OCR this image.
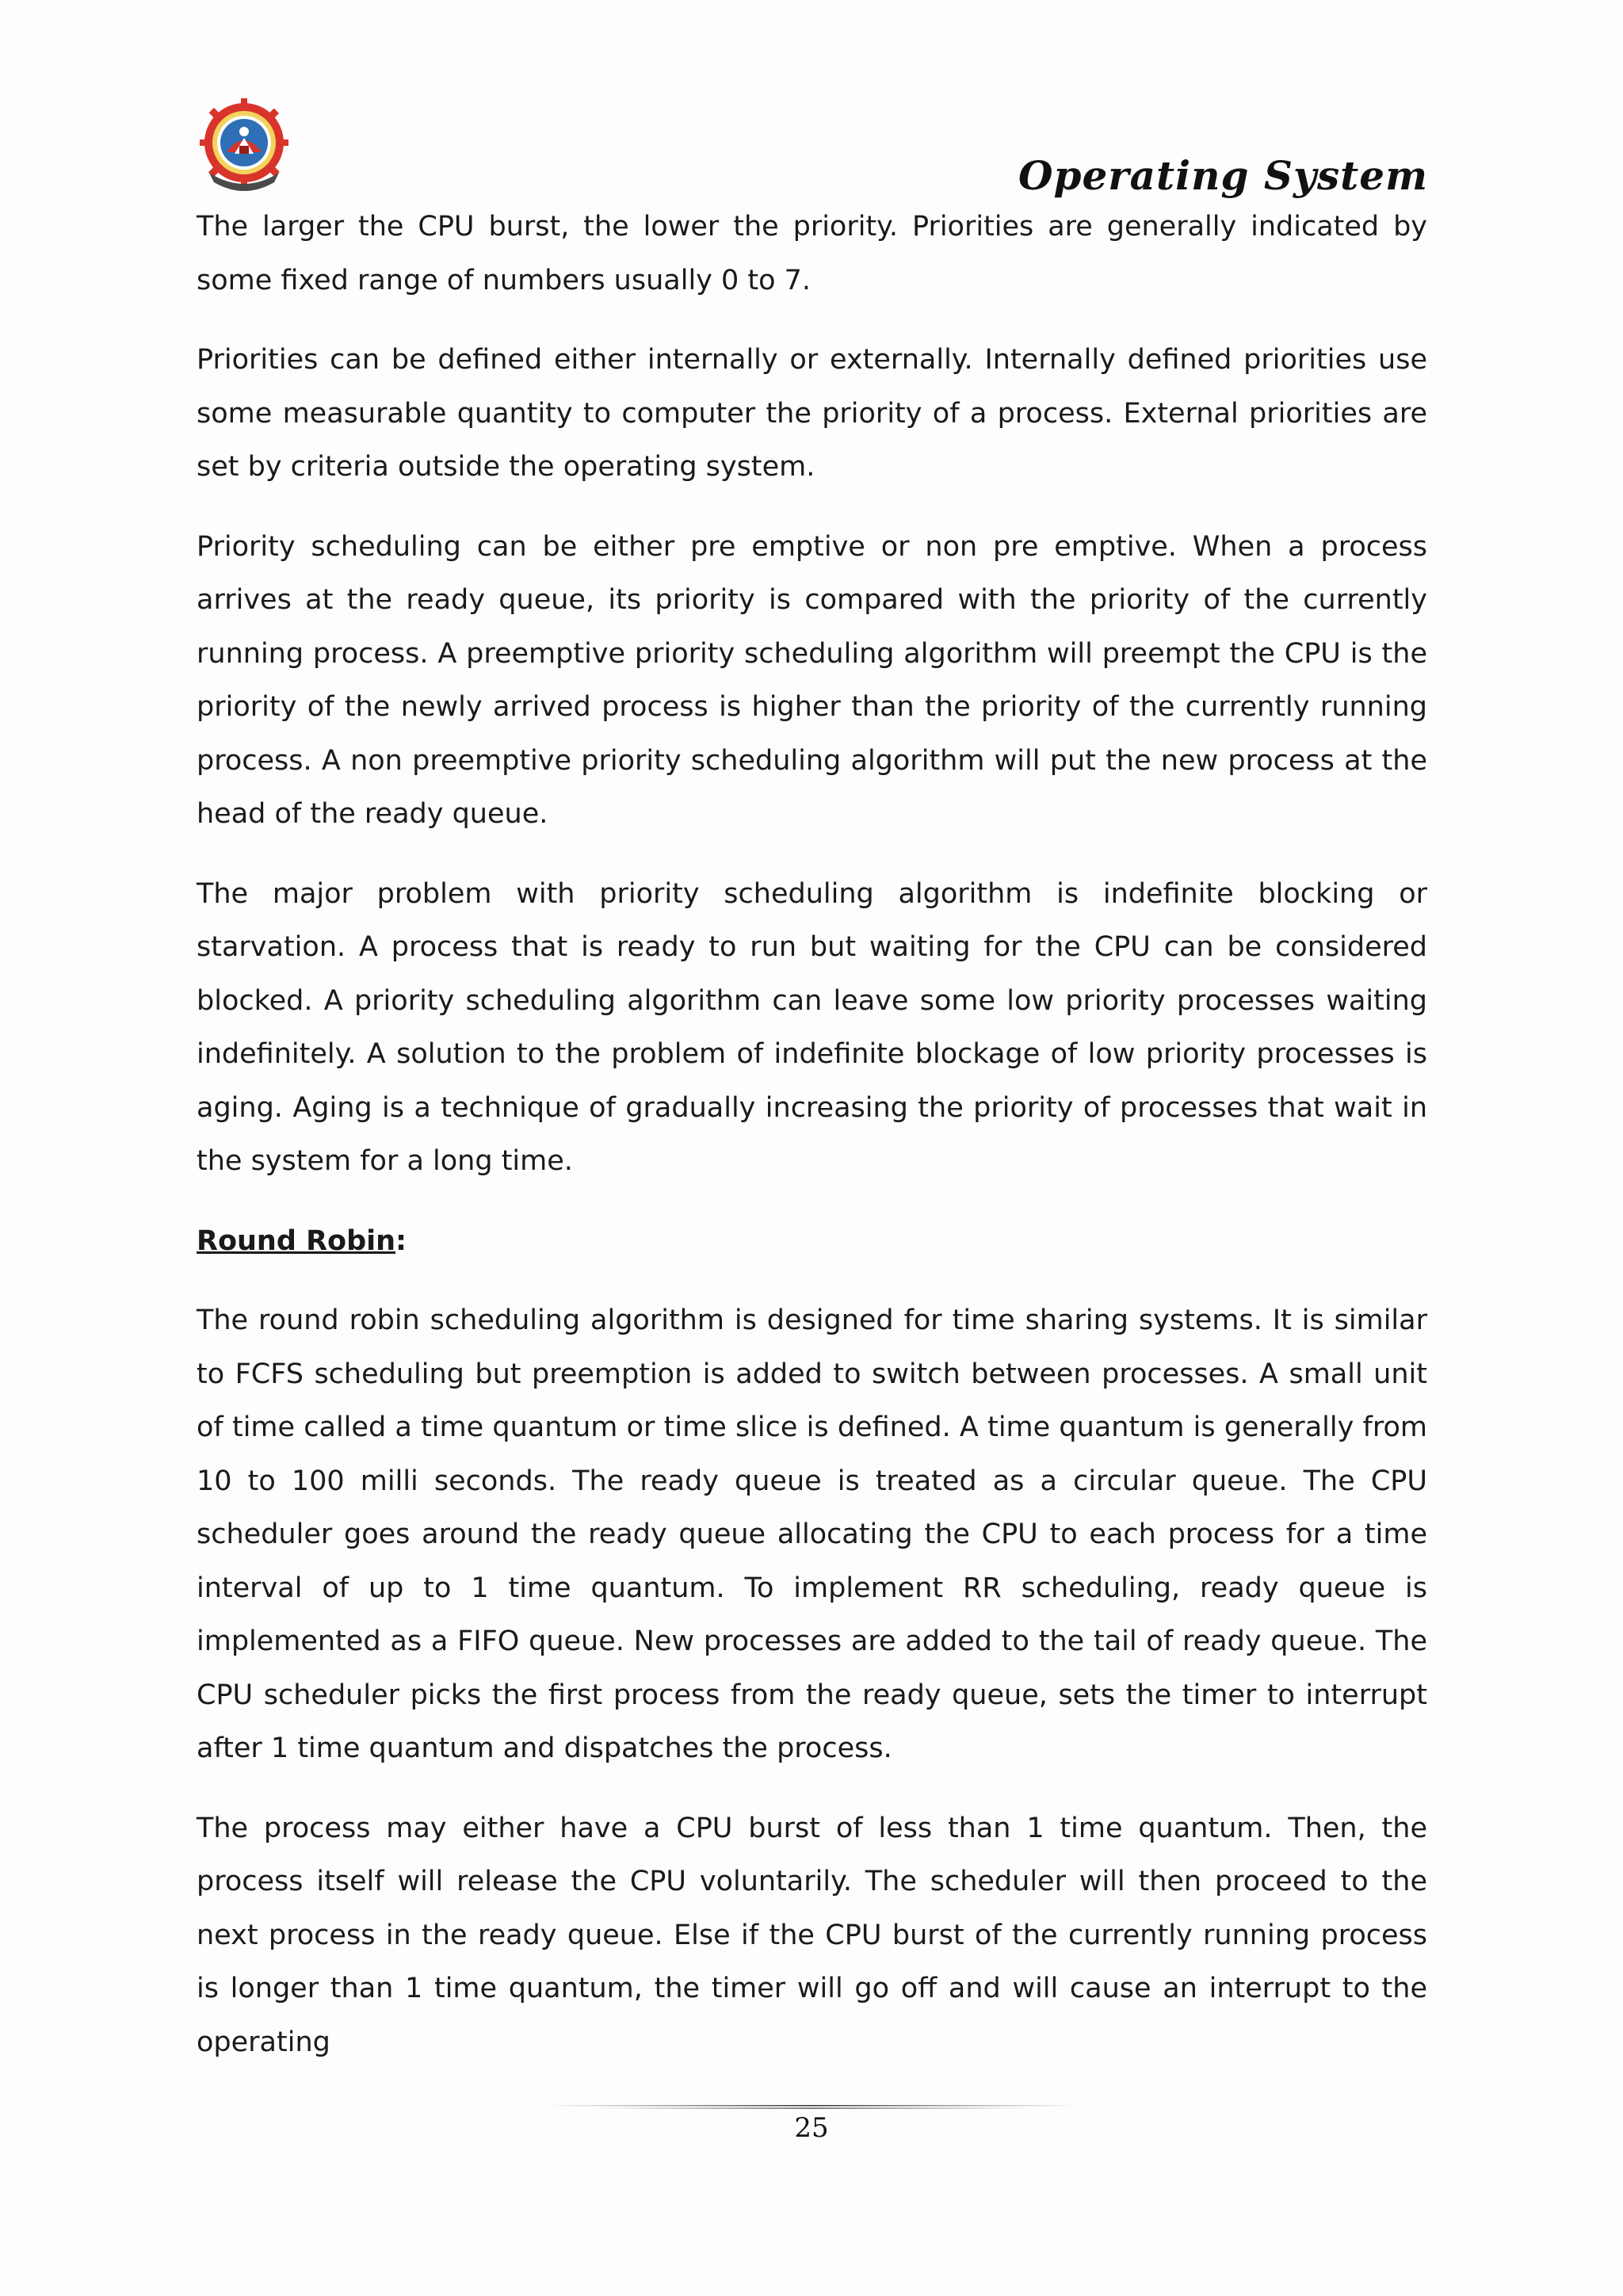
Operating System

The larger the CPU burst, the lower the priority. Priorities are generally indicated by some fixed range of numbers usually 0 to 7.

Priorities can be defined either internally or externally. Internally defined priorities use some measurable quantity to computer the priority of a process. External priorities are set by criteria outside the operating system.

Priority scheduling can be either pre emptive or non pre emptive. When a process arrives at the ready queue, its priority is compared with the priority of the currently running process. A preemptive priority scheduling algorithm will preempt the CPU is the priority of the newly arrived process is higher than the priority of the currently running process. A non preemptive priority scheduling algorithm will put the new process at the head of the ready queue.

The major problem with priority scheduling algorithm is indefinite blocking or starvation. A process that is ready to run but waiting for the CPU can be considered blocked. A priority scheduling algorithm can leave some low priority processes waiting indefinitely. A solution to the problem of indefinite blockage of low priority processes is aging. Aging is a technique of gradually increasing the priority of processes that wait in the system for a long time.

Round Robin:

The round robin scheduling algorithm is designed for time sharing systems. It is similar to FCFS scheduling but preemption is added to switch between processes. A small unit of time called a time quantum or time slice is defined. A time quantum is generally from 10 to 100 milli seconds. The ready queue is treated as a circular queue. The CPU scheduler goes around the ready queue allocating the CPU to each process for a time interval of up to 1 time quantum. To implement RR scheduling, ready queue is implemented as a FIFO queue. New processes are added to the tail of ready queue. The CPU scheduler picks the first process from the ready queue, sets the timer to interrupt after 1 time quantum and dispatches the process.

The process may either have a CPU burst of less than 1 time quantum. Then, the process itself will release the CPU voluntarily. The scheduler will then proceed to the next process in the ready queue. Else if the CPU burst of the currently running process is longer than 1 time quantum, the timer will go off and will cause an interrupt to the operating

25
